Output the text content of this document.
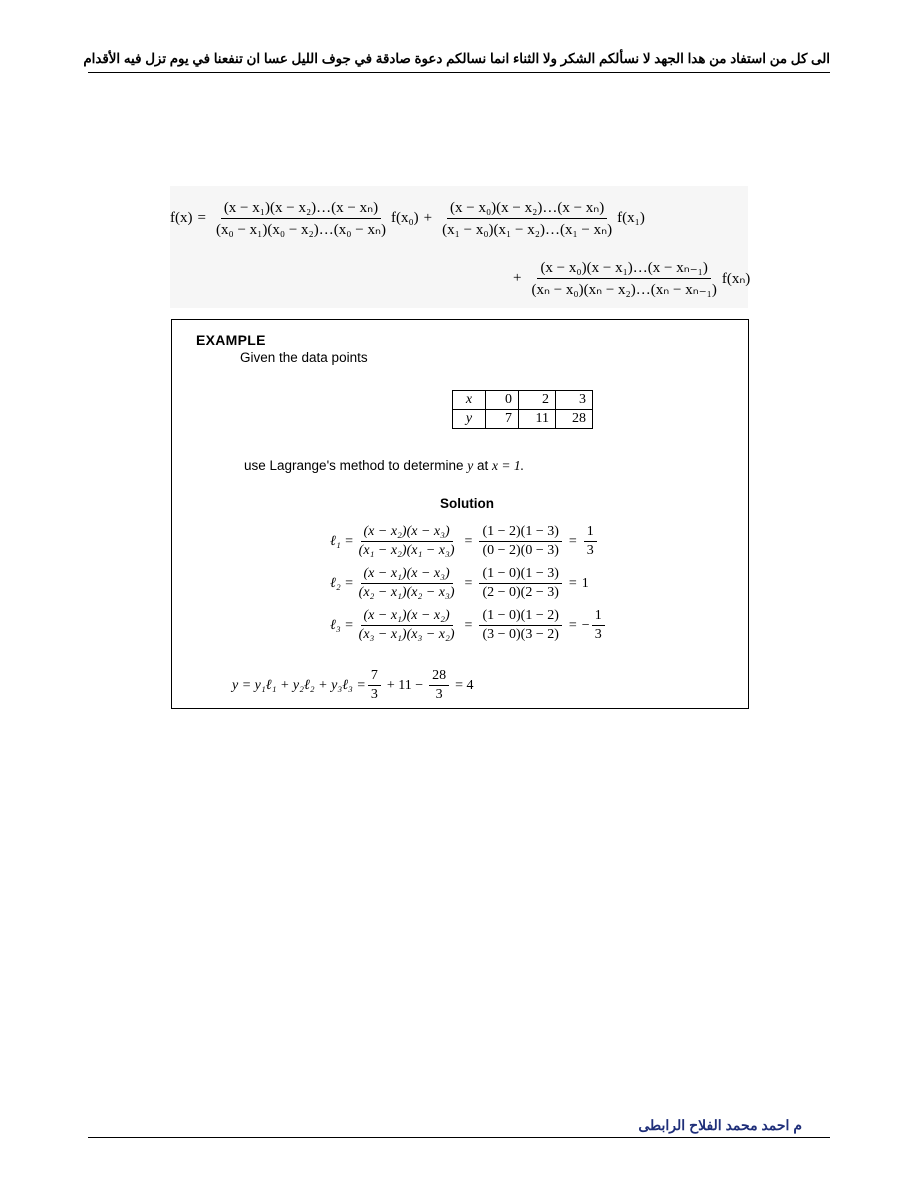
الى كل من استفاد من هدا الجهد لا نسألكم الشكر ولا الثناء انما نسالكم دعوة صادقة في جوف الليل عسا ان تنفعنا في يوم تزل فيه الأقدام
$f(x) = \frac{\text{(x − x₁)(x − x₂)…(x − xₙ)}}{\text{(x₀ − x₁)(x₀ − x₂)…(x₀ − xₙ)}} f(x_0) + \frac{\text{(x − x₀)(x − x₂)…(x − xₙ)}}{\text{(x₁ − x₀)(x₁ − x₂)…(x₁ − xₙ)}} f(x_1)$
+ $\frac{\text{(x − x₀)(x − x₁)…(x − xₙ₋₁)}}{\text{(xₙ − x₀)(xₙ − x₂)…(xₙ − xₙ₋₁)}} f(x_n)$
EXAMPLE
Given the data points
x	0	2	3
y	7	11	28
use Lagrange's method to determine y at x = 1.
Solution
ℓ₁ = $\frac{\text{(x − x₂)(x − x₃)}}{\text{(x₁ − x₂)(x₁ − x₃)}} = \frac{(1 - 2)(1 - 3)}{(0 - 2)(0 - 3)} = \frac{1}{3}$
ℓ₂ = $\frac{\text{(x − x₁)(x − x₃)}}{\text{(x₂ − x₁)(x₂ − x₃)}} = \frac{(1 - 0)(1 - 3)}{(2 - 0)(2 - 3)} = 1$
ℓ₃ = $\frac{\text{(x − x₁)(x − x₂)}}{\text{(x₃ − x₁)(x₃ − x₂)}} = \frac{(1 - 0)(1 - 2)}{(3 - 0)(3 - 2)}$ = − $\frac{1}{3}$
y = y₁ℓ₁ + y₂ℓ₂ + y₃ℓ₃ = $\frac{7}{3} + 11 - \frac{28}{3} = 4$
م احمد محمد الفلاح الرابطى
